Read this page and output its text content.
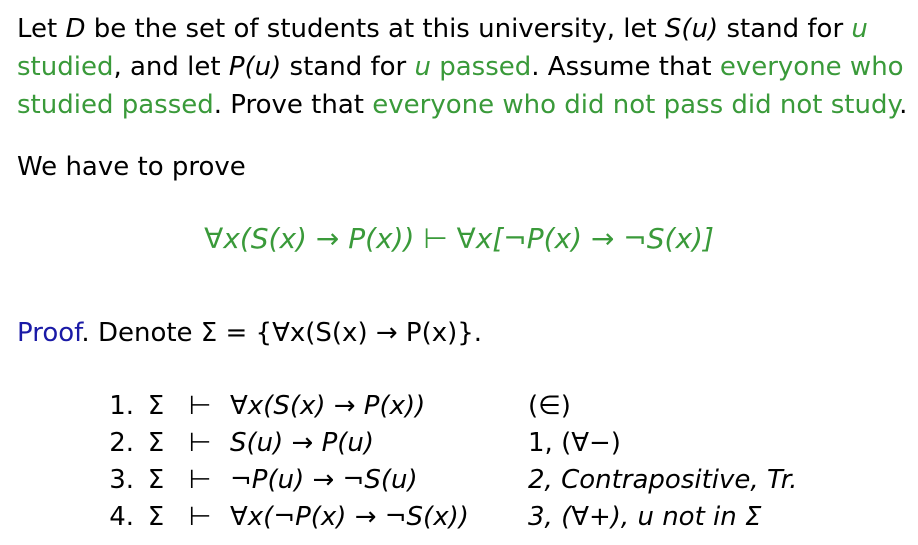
Let D be the set of students at this university, let S(u) stand for u
studied, and let P(u) stand for u passed. Assume that everyone who
studied passed. Prove that everyone who did not pass did not study.
We have to prove
∀x(S(x) → P(x)) ⊢ ∀x[¬P(x) → ¬S(x)]
Proof. Denote Σ = {∀x(S(x) → P(x)}.
1.	Σ	⊢	∀x(S(x) → P(x))	(∈)
2.	Σ	⊢	S(u) → P(u)	1, (∀−)
3.	Σ	⊢	¬P(u) → ¬S(u)	2, Contrapositive, Tr.
4.	Σ	⊢	∀x(¬P(x) → ¬S(x))	3, (∀+), u not in Σ
